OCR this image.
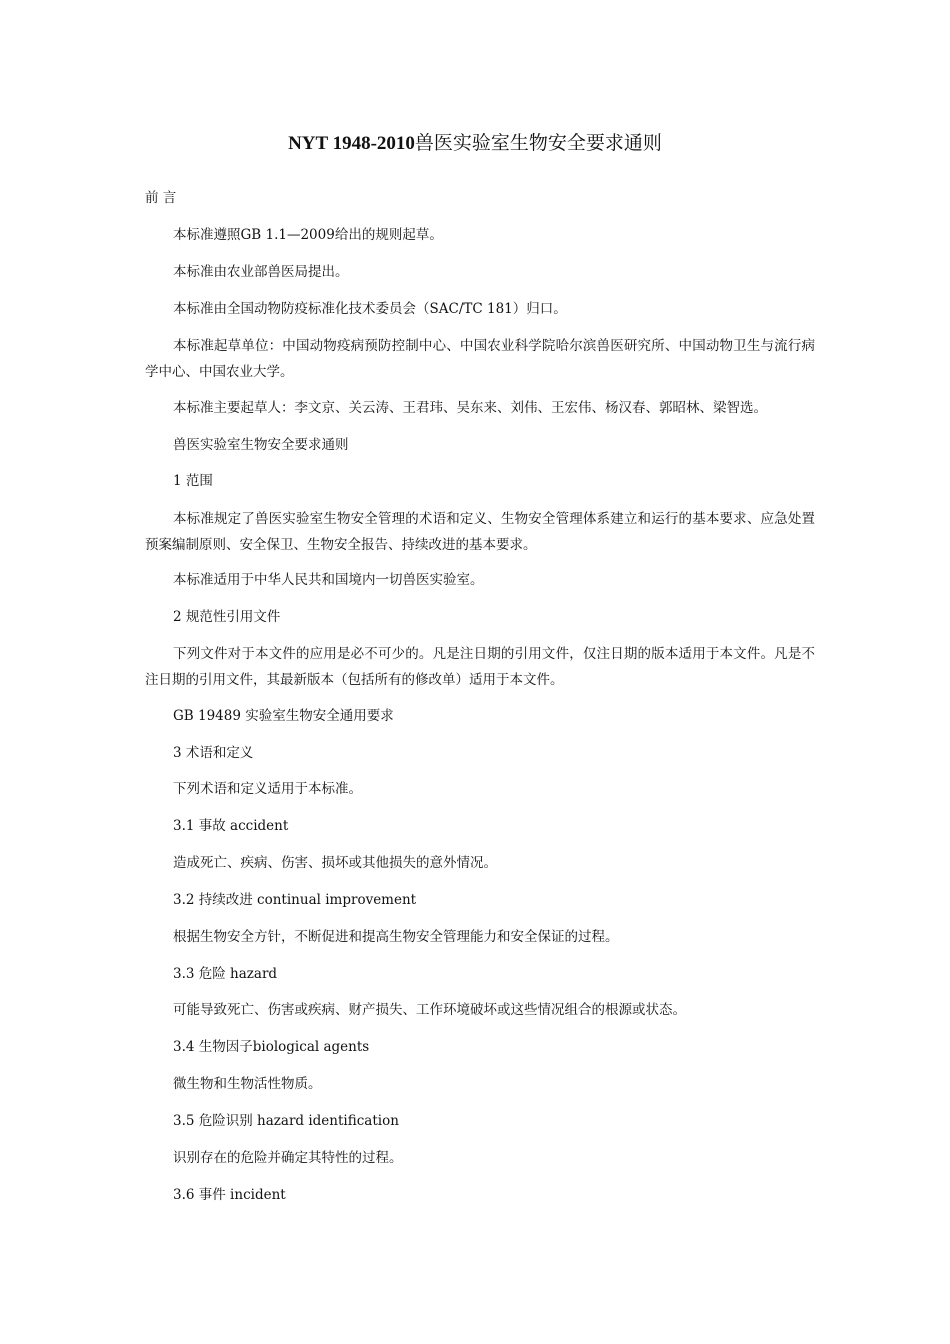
NYT 1948-2010兽医实验室生物安全要求通则

前 言

本标准遵照GB 1.1—2009给出的规则起草。

本标准由农业部兽医局提出。

本标准由全国动物防疫标准化技术委员会（SAC/TC 181）归口。

本标准起草单位：中国动物疫病预防控制中心、中国农业科学院哈尔滨兽医研究所、中国动物卫生与流行病学中心、中国农业大学。

本标准主要起草人：李文京、关云涛、王君玮、吴东来、刘伟、王宏伟、杨汉春、郭昭林、梁智选。

兽医实验室生物安全要求通则

1 范围

本标准规定了兽医实验室生物安全管理的术语和定义、生物安全管理体系建立和运行的基本要求、应急处置预案编制原则、安全保卫、生物安全报告、持续改进的基本要求。

本标准适用于中华人民共和国境内一切兽医实验室。

2 规范性引用文件

下列文件对于本文件的应用是必不可少的。凡是注日期的引用文件，仅注日期的版本适用于本文件。凡是不注日期的引用文件，其最新版本（包括所有的修改单）适用于本文件。

GB 19489 实验室生物安全通用要求

3 术语和定义

下列术语和定义适用于本标准。

3.1 事故 accident

造成死亡、疾病、伤害、损坏或其他损失的意外情况。

3.2 持续改进 continual improvement

根据生物安全方针，不断促进和提高生物安全管理能力和安全保证的过程。

3.3 危险 hazard

可能导致死亡、伤害或疾病、财产损失、工作环境破坏或这些情况组合的根源或状态。

3.4 生物因子biological agents

微生物和生物活性物质。

3.5 危险识别 hazard identification

识别存在的危险并确定其特性的过程。

3.6 事件 incident
